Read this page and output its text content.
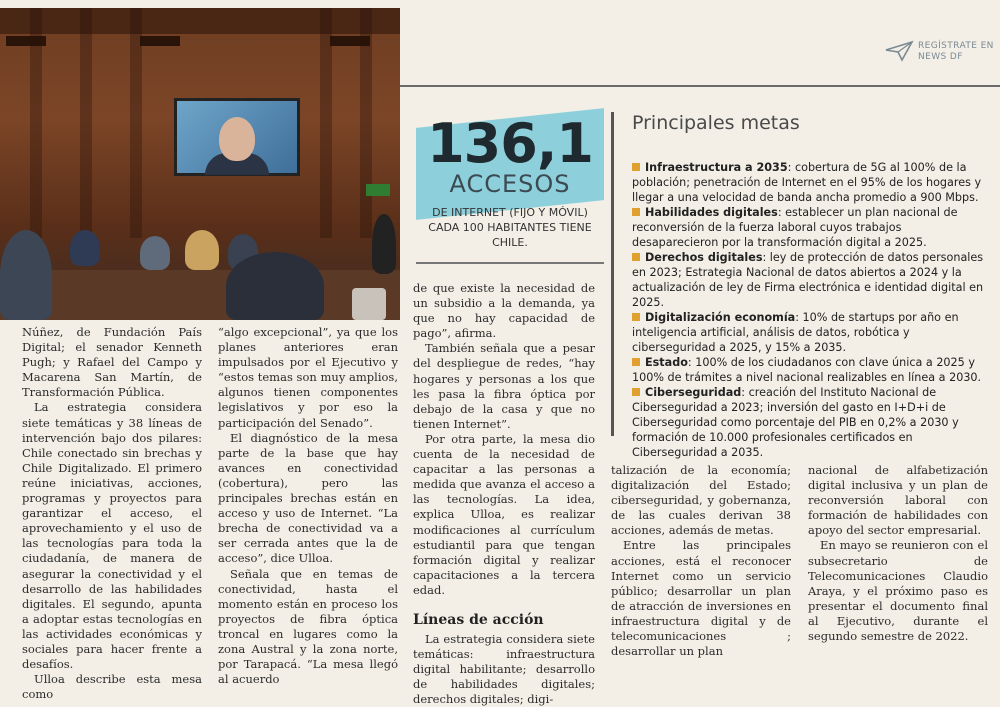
REGÍSTRATE EN
NEWS DF
136,1
ACCESOS
DE INTERNET (FIJO Y MÓVIL)
CADA 100 HABITANTES TIENE
CHILE.
Principales metas
Infraestructura a 2035: cobertura de 5G al 100% de la población; penetración de Internet en el 95% de los hogares y llegar a una velocidad de banda ancha promedio a 900 Mbps.
Habilidades digitales: establecer un plan nacional de reconversión de la fuerza laboral cuyos trabajos desaparecieron por la transformación digital a 2025.
Derechos digitales: ley de protección de datos personales en 2023; Estrategia Nacional de datos abiertos a 2024 y la actualización de ley de Firma electrónica e identidad digital en 2025.
Digitalización economía: 10% de startups por año en inteligencia artificial, análisis de datos, robótica y ciberseguridad a 2025, y 15% a 2035.
Estado: 100% de los ciudadanos con clave única a 2025 y 100% de trámites a nivel nacional realizables en línea a 2030.
Ciberseguridad: creación del Instituto Nacional de Ciberseguridad a 2023; inversión del gasto en I+D+i de Ciberseguridad como porcentaje del PIB en 0,2% a 2030 y formación de 10.000 profesionales certificados en Ciberseguridad a 2035.

Núñez, de Fundación País Digital; el senador Kenneth Pugh; y Rafael del Campo y Macarena San Martín, de Transformación Pública.

La estrategia considera siete temáticas y 38 líneas de intervención bajo dos pilares: Chile conectado sin brechas y Chile Digitalizado. El primero reúne iniciativas, acciones, programas y proyectos para garantizar el acceso, el aprovechamiento y el uso de las tecnologías para toda la ciudadanía, de manera de asegurar la conectividad y el desarrollo de las habilidades digitales. El segundo, apunta a adoptar estas tecnologías en las actividades económicas y sociales para hacer frente a desafíos.

Ulloa describe esta mesa como

“algo excepcional”, ya que los planes anteriores eran impulsados por el Ejecutivo y “estos temas son muy amplios, algunos tienen componentes legislativos y por eso la participación del Senado”.

El diagnóstico de la mesa parte de la base que hay avances en conectividad (cobertura), pero las principales brechas están en acceso y uso de Internet. “La brecha de conectividad va a ser cerrada antes que la de acceso”, dice Ulloa.

Señala que en temas de conectividad, hasta el momento están en proceso los proyectos de fibra óptica troncal en lugares como la zona Austral y la zona norte, por Tarapacá. “La mesa llegó al acuerdo

de que existe la necesidad de un subsidio a la demanda, ya que no hay capacidad de pago”, afirma.

También señala que a pesar del despliegue de redes, “hay hogares y personas a los que les pasa la fibra óptica por debajo de la casa y que no tienen Internet”.

Por otra parte, la mesa dio cuenta de la necesidad de capacitar a las personas a medida que avanza el acceso a las tecnologías. La idea, explica Ulloa, es realizar modificaciones al currículum estudiantil para que tengan formación digital y realizar capacitaciones a la tercera edad.

Líneas de acción

La estrategia considera siete temáticas: infraestructura digital habilitante; desarrollo de habilidades digitales; derechos digitales; digi-

talización de la economía; digitalización del Estado; ciberseguridad, y gobernanza, de las cuales derivan 38 acciones, además de metas.

Entre las principales acciones, está el reconocer Internet como un servicio público; desarrollar un plan de atracción de inversiones en infraestructura digital y de telecomunicaciones ; desarrollar un plan

nacional de alfabetización digital inclusiva y un plan de reconversión laboral con formación de habilidades con apoyo del sector empresarial.

En mayo se reunieron con el subsecretario de Telecomunicaciones Claudio Araya, y el próximo paso es presentar el documento final al Ejecutivo, durante el segundo semestre de 2022.
